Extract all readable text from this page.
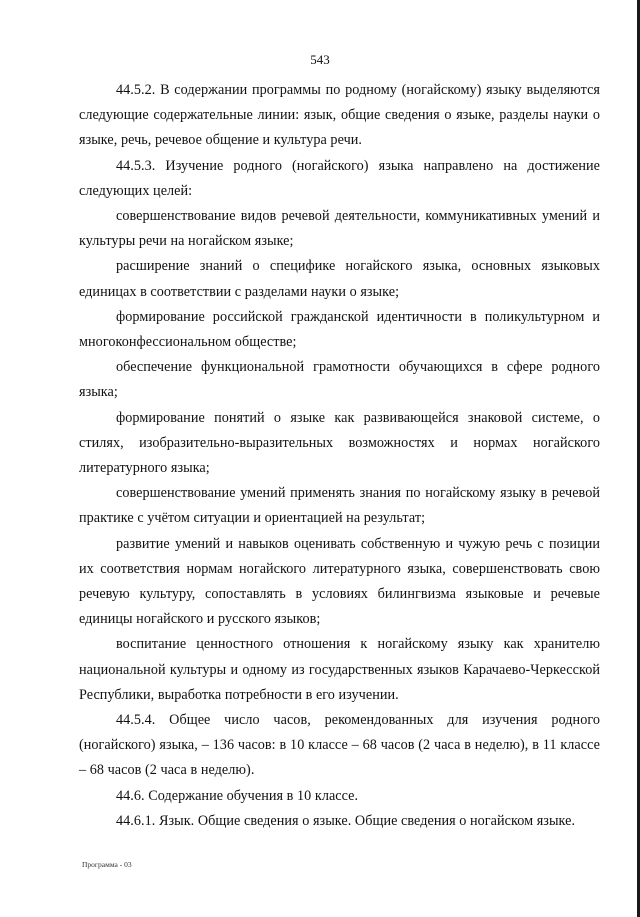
543

44.5.2. В содержании программы по родному (ногайскому) языку выделяются следующие содержательные линии: язык, общие сведения о языке, разделы науки о языке, речь, речевое общение и культура речи.

44.5.3. Изучение родного (ногайского) языка направлено на достижение следующих целей:

совершенствование видов речевой деятельности, коммуникативных умений и культуры речи на ногайском языке;

расширение знаний о специфике ногайского языка, основных языковых единицах в соответствии с разделами науки о языке;

формирование российской гражданской идентичности в поликультурном и многоконфессиональном обществе;

обеспечение функциональной грамотности обучающихся в сфере родного языка;

формирование понятий о языке как развивающейся знаковой системе, о стилях, изобразительно-выразительных возможностях и нормах ногайского литературного языка;

совершенствование умений применять знания по ногайскому языку в речевой практике с учётом ситуации и ориентацией на результат;

развитие умений и навыков оценивать собственную и чужую речь с позиции их соответствия нормам ногайского литературного языка, совершенствовать свою речевую культуру, сопоставлять в условиях билингвизма языковые и речевые единицы ногайского и русского языков;

воспитание ценностного отношения к ногайскому языку как хранителю национальной культуры и одному из государственных языков Карачаево-Черкесской Республики, выработка потребности в его изучении.

44.5.4. Общее число часов, рекомендованных для изучения родного (ногайского) языка, – 136 часов: в 10 классе – 68 часов (2 часа в неделю), в 11 классе – 68 часов (2 часа в неделю).

44.6. Содержание обучения в 10 классе.

44.6.1. Язык. Общие сведения о языке. Общие сведения о ногайском языке.

Программа - 03
